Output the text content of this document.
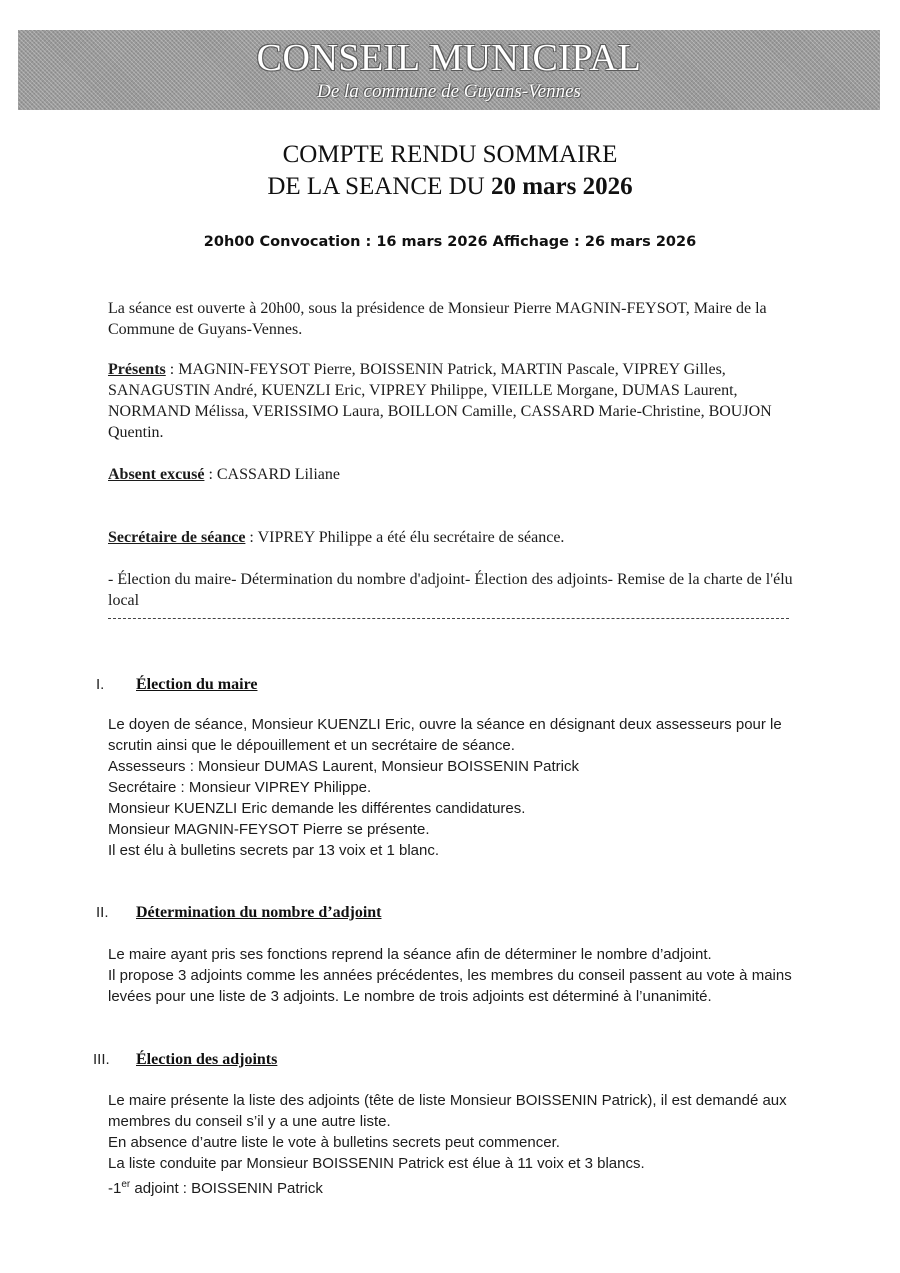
CONSEIL MUNICIPAL
De la commune de Guyans-Vennes
COMPTE RENDU SOMMAIRE
DE LA SEANCE DU 20 mars 2026
20h00 Convocation : 16 mars 2026 Affichage : 26 mars 2026
La séance est ouverte à 20h00, sous la présidence de Monsieur Pierre MAGNIN-FEYSOT, Maire de la Commune de Guyans-Vennes.
Présents : MAGNIN-FEYSOT Pierre, BOISSENIN Patrick, MARTIN Pascale, VIPREY Gilles, SANAGUSTIN André, KUENZLI Eric, VIPREY Philippe, VIEILLE Morgane, DUMAS Laurent, NORMAND Mélissa, VERISSIMO Laura, BOILLON Camille, CASSARD Marie-Christine, BOUJON Quentin.
Absent excusé : CASSARD Liliane
Secrétaire de séance : VIPREY Philippe a été élu secrétaire de séance.
- Élection du maire- Détermination du nombre d'adjoint- Élection des adjoints- Remise de la charte de l'élu local
I. Élection du maire
Le doyen de séance, Monsieur KUENZLI Eric, ouvre la séance en désignant deux assesseurs pour le
scrutin ainsi que le dépouillement et un secrétaire de séance.
Assesseurs : Monsieur DUMAS Laurent, Monsieur BOISSENIN Patrick
Secrétaire : Monsieur VIPREY Philippe.
Monsieur KUENZLI Eric demande les différentes candidatures.
Monsieur MAGNIN-FEYSOT Pierre se présente.
Il est élu à bulletins secrets par 13 voix et 1 blanc.
II. Détermination du nombre d’adjoint
Le maire ayant pris ses fonctions reprend la séance afin de déterminer le nombre d’adjoint.
Il propose 3 adjoints comme les années précédentes, les membres du conseil passent au vote à mains
levées pour une liste de 3 adjoints. Le nombre de trois adjoints est déterminé à l’unanimité.
III. Élection des adjoints
Le maire présente la liste des adjoints (tête de liste Monsieur BOISSENIN Patrick), il est demandé aux
membres du conseil s’il y a une autre liste.
En absence d’autre liste le vote à bulletins secrets peut commencer.
La liste conduite par Monsieur BOISSENIN Patrick est élue à 11 voix et 3 blancs.
-1er adjoint : BOISSENIN Patrick
